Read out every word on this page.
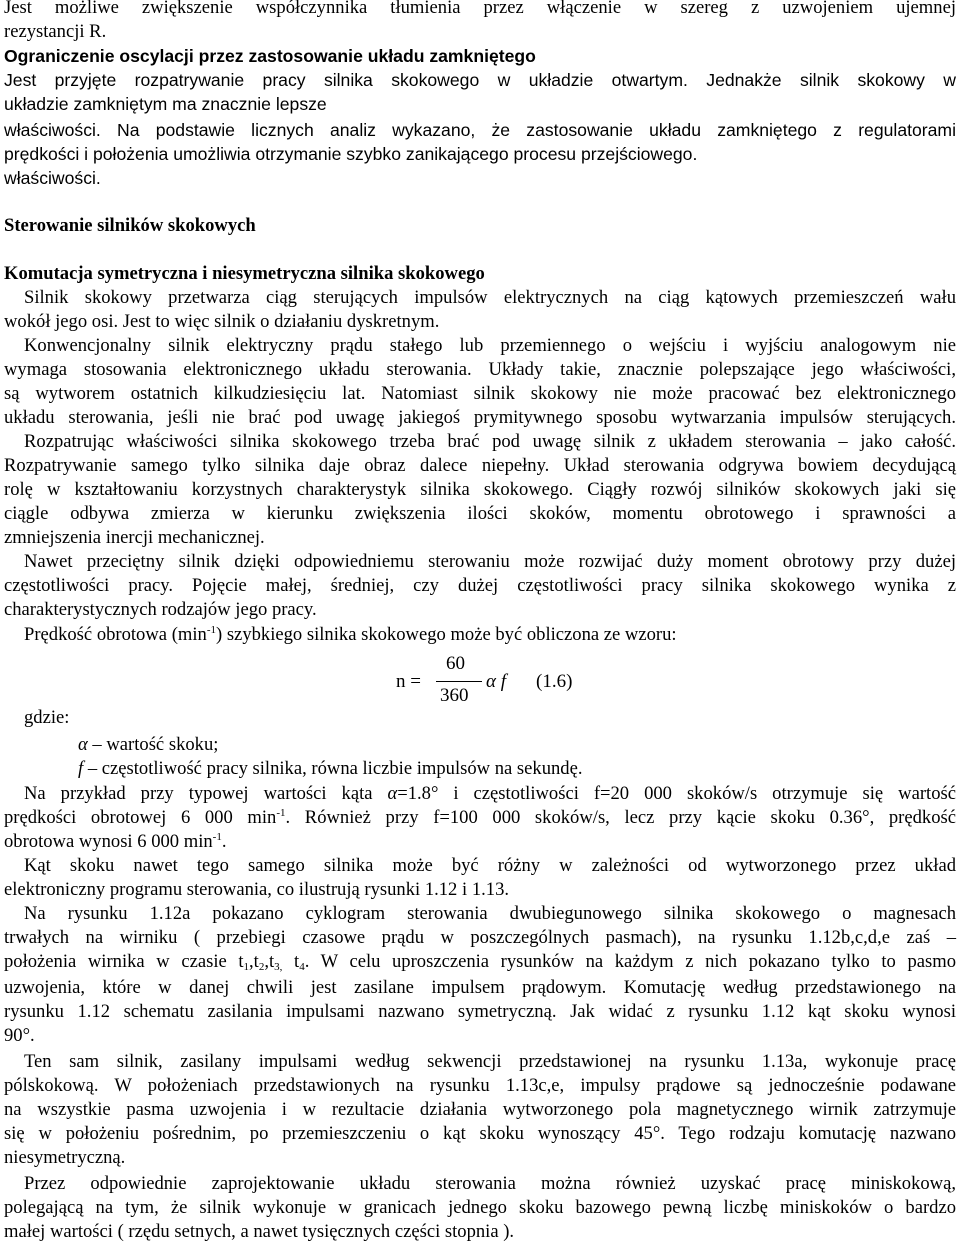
Jest możliwe zwiększenie współczynnika tłumienia przez włączenie w szereg z uzwojeniem ujemnej
rezystancji R.
Ograniczenie oscylacji przez zastosowanie układu zamkniętego
Jest przyjęte rozpatrywanie pracy silnika skokowego w układzie otwartym. Jednakże silnik skokowy w
układzie zamkniętym ma znacznie lepsze
właściwości. Na podstawie licznych analiz wykazano, że zastosowanie układu zamkniętego z regulatorami
prędkości i położenia umożliwia otrzymanie szybko zanikającego procesu przejściowego.
właściwości.
Sterowanie silników skokowych
Komutacja symetryczna i niesymetryczna silnika skokowego
Silnik skokowy przetwarza ciąg sterujących impulsów elektrycznych na ciąg kątowych przemieszczeń wału
wokół jego osi. Jest to więc silnik o działaniu dyskretnym.
Konwencjonalny silnik elektryczny prądu stałego lub przemiennego o wejściu i wyjściu analogowym nie
wymaga stosowania elektronicznego układu sterowania. Układy takie, znacznie polepszające jego właściwości,
są wytworem ostatnich kilkudziesięciu lat. Natomiast silnik skokowy nie może pracować bez elektronicznego
układu sterowania, jeśli nie brać pod uwagę jakiegoś prymitywnego sposobu wytwarzania impulsów sterujących.
Rozpatrując właściwości silnika skokowego trzeba brać pod uwagę silnik z układem sterowania – jako całość.
Rozpatrywanie samego tylko silnika daje obraz dalece niepełny. Układ sterowania odgrywa bowiem decydującą
rolę w kształtowaniu korzystnych charakterystyk silnika skokowego. Ciągły rozwój silników skokowych jaki się
ciągle odbywa zmierza w kierunku zwiększenia ilości skoków, momentu obrotowego i sprawności a
zmniejszenia inercji mechanicznej.
Nawet przeciętny silnik dzięki odpowiedniemu sterowaniu może rozwijać duży moment obrotowy przy dużej
częstotliwości pracy. Pojęcie małej, średniej, czy dużej częstotliwości pracy silnika skokowego wynika z
charakterystycznych rodzajów jego pracy.
Prędkość obrotowa $(\min^{-1})$ szybkiego silnika skokowego może być obliczona ze wzoru:
n =
60
360
α f (1.6)
gdzie:
α – wartość skoku;
f – częstotliwość pracy silnika, równa liczbie impulsów na sekundę.
Na przykład przy typowej wartości kąta α=1.8° i częstotliwości f=20 000 skoków/s otrzymuje się wartość
prędkości obrotowej 6 000 $\min^{-1}$. Również przy f=100 000 skoków/s, lecz przy kącie skoku 0.36°, prędkość
obrotowa wynosi 6 000 $\min^{-1}$.
Kąt skoku nawet tego samego silnika może być różny w zależności od wytworzonego przez układ
elektroniczny programu sterowania, co ilustrują rysunki 1.12 i 1.13.
Na rysunku 1.12a pokazano cyklogram sterowania dwubiegunowego silnika skokowego o magnesach
trwałych na wirniku ( przebiegi czasowe prądu w poszczególnych pasmach), na rysunku 1.12b,c,d,e zaś –
położenia wirnika w czasie $t_1,t_2,t_{3,}$ $t_4$. W celu uproszczenia rysunków na każdym z nich pokazano tylko to pasmo
uzwojenia, które w danej chwili jest zasilane impulsem prądowym. Komutację według przedstawionego na
rysunku 1.12 schematu zasilania impulsami nazwano symetryczną. Jak widać z rysunku 1.12 kąt skoku wynosi
90°.
Ten sam silnik, zasilany impulsami według sekwencji przedstawionej na rysunku 1.13a, wykonuje pracę
pólskokową. W położeniach przedstawionych na rysunku 1.13c,e, impulsy prądowe są jednocześnie podawane
na wszystkie pasma uzwojenia i w rezultacie działania wytworzonego pola magnetycznego wirnik zatrzymuje
się w położeniu pośrednim, po przemieszczeniu o kąt skoku wynoszący 45°. Tego rodzaju komutację nazwano
niesymetryczną.
Przez odpowiednie zaprojektowanie układu sterowania można również uzyskać pracę miniskokową,
polegającą na tym, że silnik wykonuje w granicach jednego skoku bazowego pewną liczbę miniskoków o bardzo
małej wartości ( rzędu setnych, a nawet tysięcznych części stopnia ).
